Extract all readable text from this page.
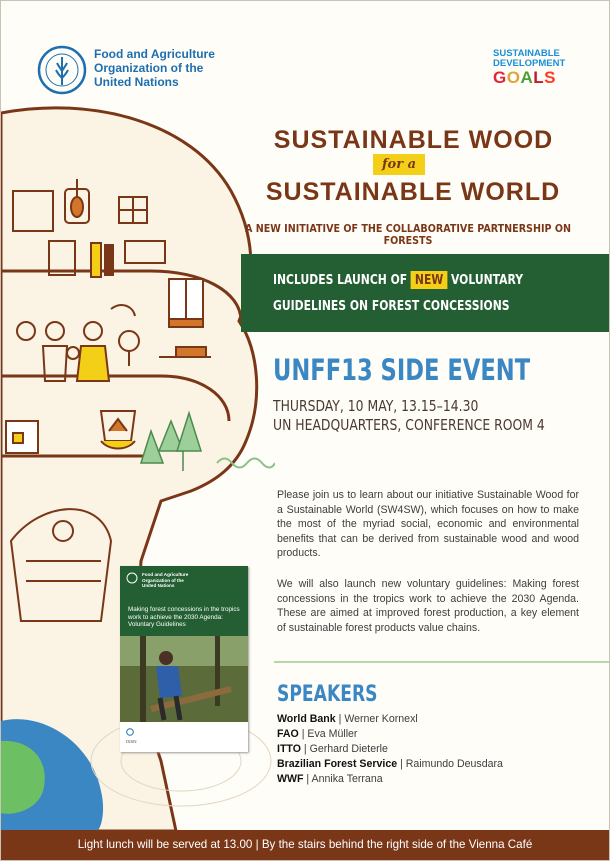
Food and Agriculture
Organization of the
United Nations
SUSTAINABLE
DEVELOPMENT
GOALS
SUSTAINABLE WOOD
for a
SUSTAINABLE WORLD
A NEW INITIATIVE OF THE COLLABORATIVE PARTNERSHIP ON FORESTS
INCLUDES LAUNCH OF NEW VOLUNTARY
GUIDELINES ON FOREST CONCESSIONS
UNFF13 SIDE EVENT
THURSDAY, 10 MAY, 13.15–14.30
UN HEADQUARTERS, CONFERENCE ROOM 4
Please join us to learn about our initiative Sustainable Wood for a Sustainable World (SW4SW), which focuses on how to make the most of the myriad social, economic and environmental benefits that can be derived from sustainable wood and wood products.
We will also launch new voluntary guidelines: Making forest concessions in the tropics work to achieve the 2030 Agenda. These are aimed at improved forest production, a key element of sustainable forest products value chains.
SPEAKERS
World Bank | Werner Kornexl
FAO | Eva Müller
ITTO | Gerhard Dieterle
Brazilian Forest Service | Raimundo Deusdara
WWF | Annika Terrana
Food and Agriculture
Organization of the
United Nations
Making forest concessions in the tropics work to achieve the 2030 Agenda: Voluntary Guidelines
ISSN
Light lunch will be served at 13.00 | By the stairs behind the right side of the Vienna Café
